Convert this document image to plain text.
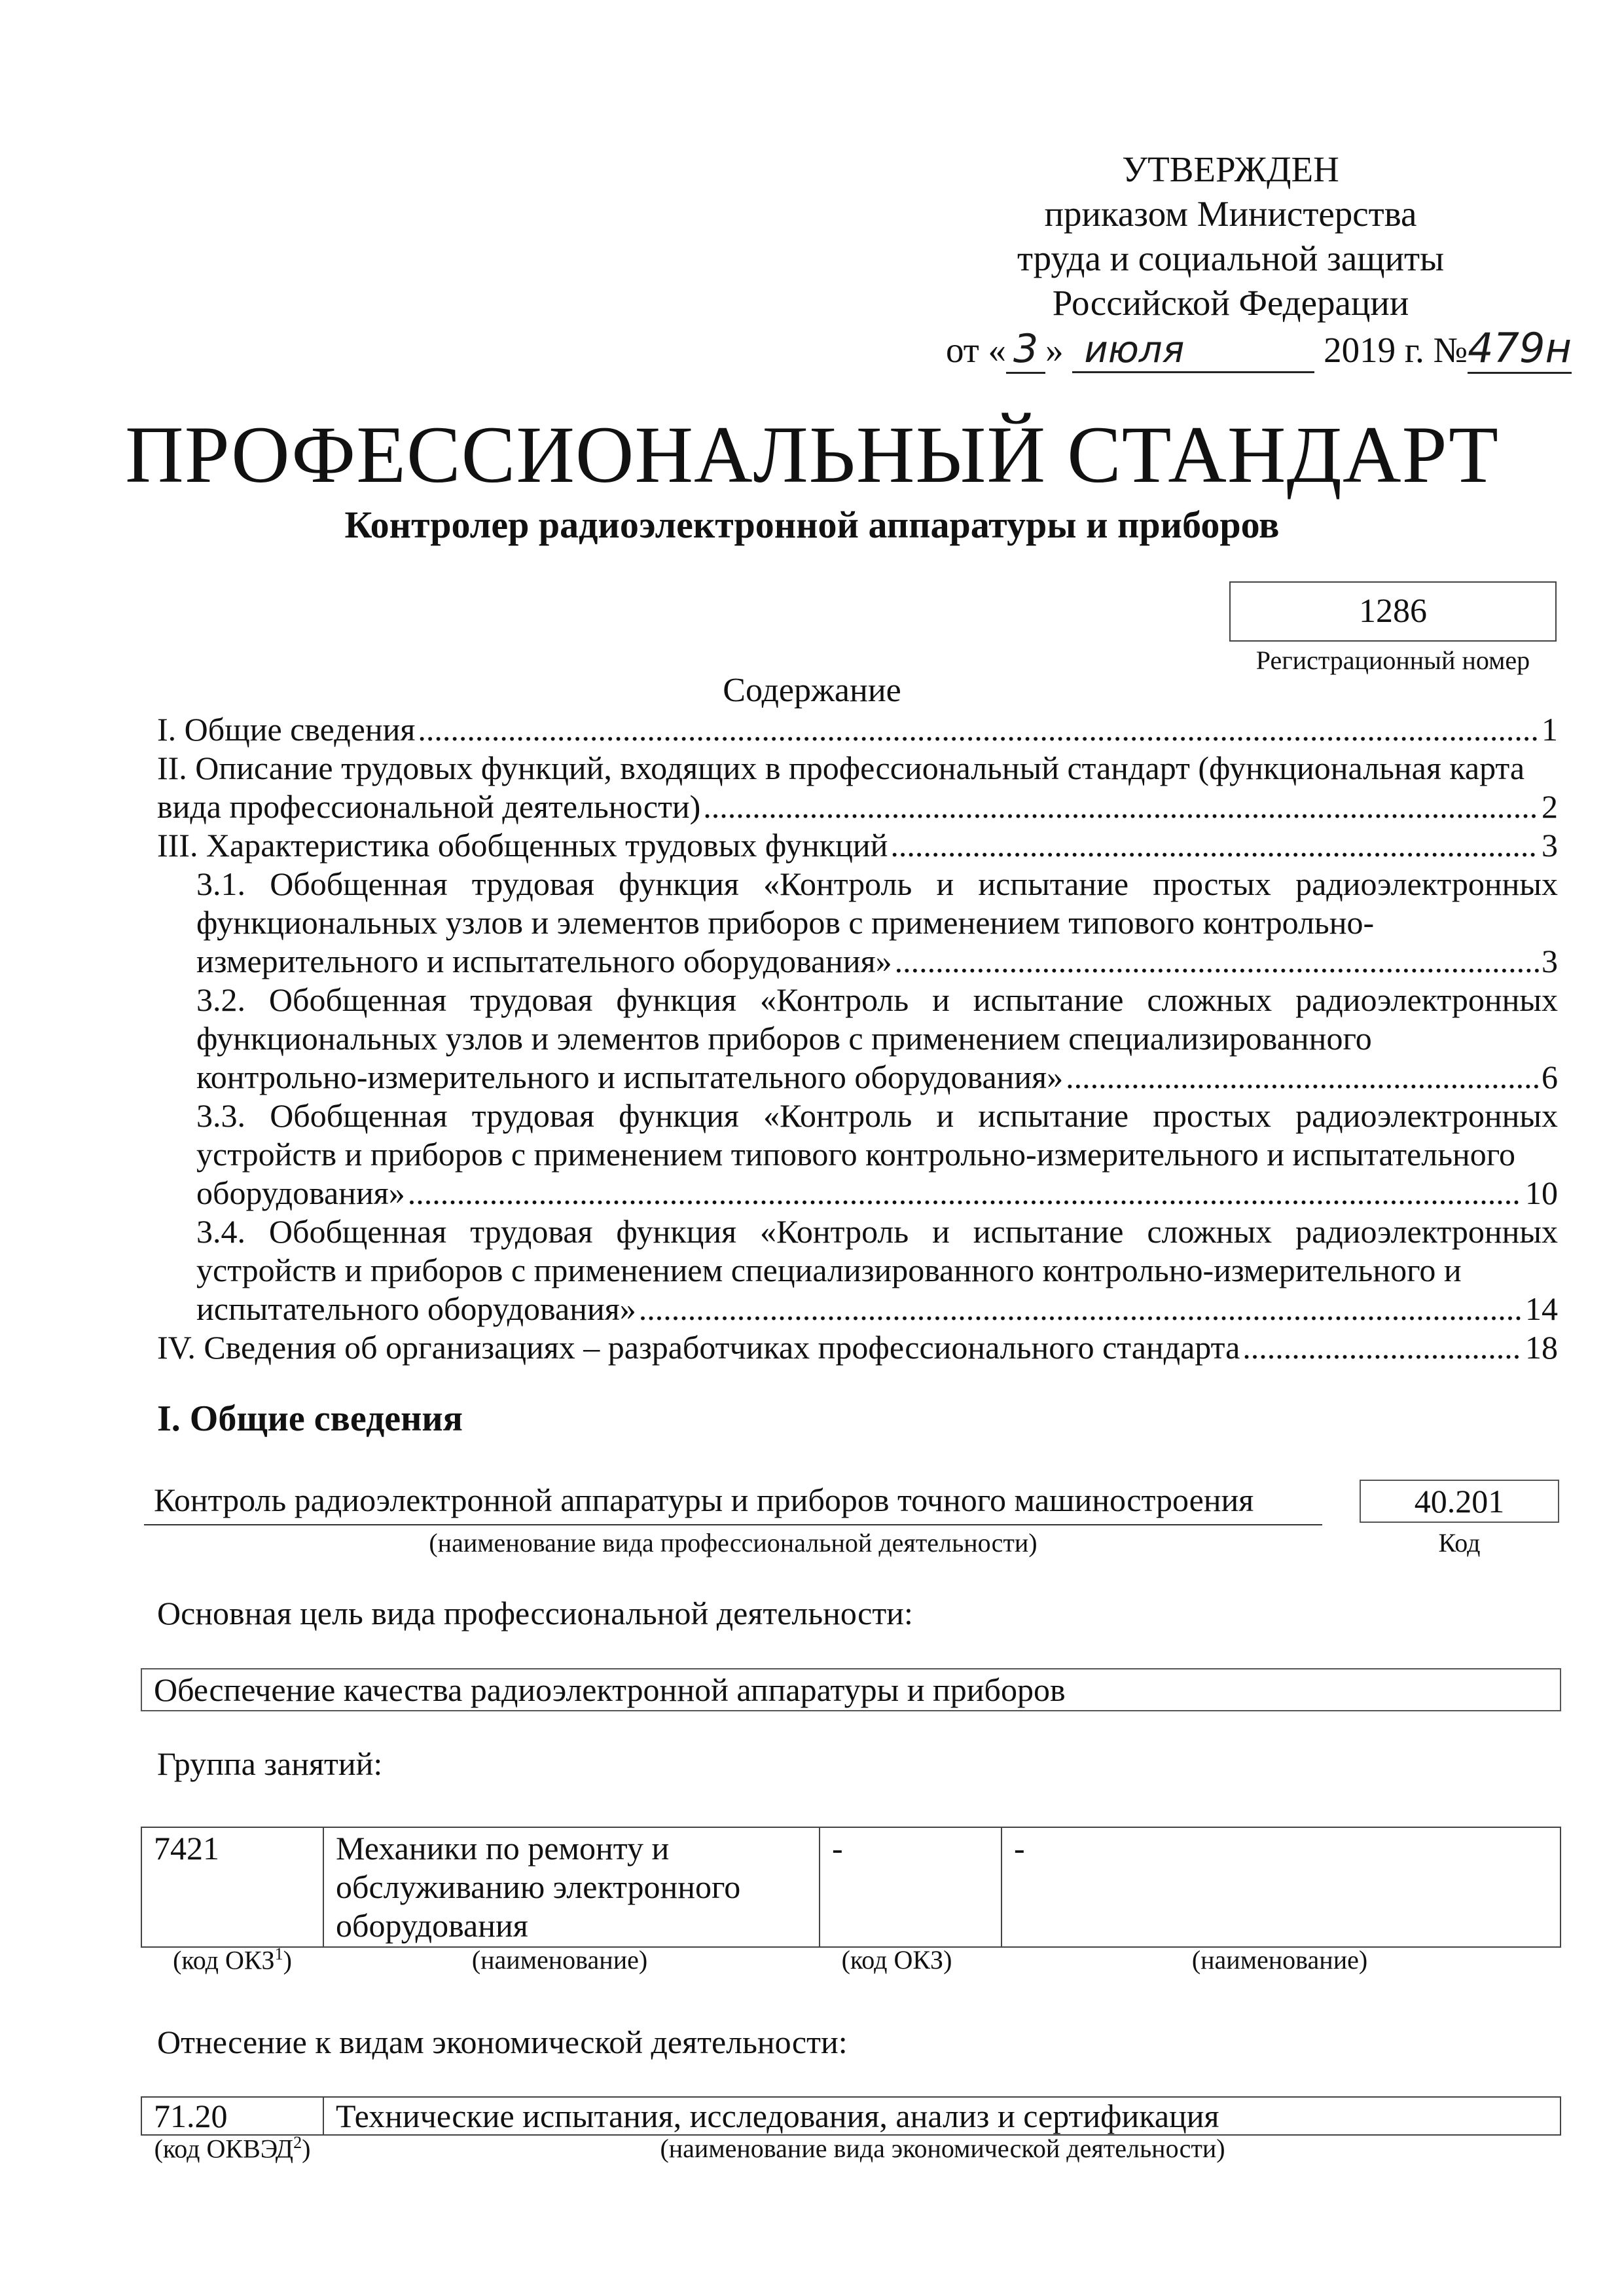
УТВЕРЖДЕН
приказом Министерства
труда и социальной защиты
Российской Федерации
от « 3 » июля	2019 г. №479н
ПРОФЕССИОНАЛЬНЫЙ СТАНДАРТ
Контролер радиоэлектронной аппаратуры и приборов
1286
Регистрационный номер
Содержание
I. Общие сведения .....	1
II. Описание трудовых функций, входящих в профессиональный стандарт (функциональная карта
вида профессиональной деятельности) .....	2
III. Характеристика обобщенных трудовых функций .....	3
3.1. Обобщенная трудовая функция «Контроль и испытание простых радиоэлектронных функциональных узлов и элементов приборов с применением типового контрольно-
измерительного и испытательного оборудования» .....	3
3.2. Обобщенная трудовая функция «Контроль и испытание сложных радиоэлектронных функциональных узлов и элементов приборов с применением специализированного
контрольно-измерительного и испытательного оборудования» .....	6
3.3. Обобщенная трудовая функция «Контроль и испытание простых радиоэлектронных устройств и приборов с применением типового контрольно-измерительного и испытательного
оборудования» .....	10
3.4. Обобщенная трудовая функция «Контроль и испытание сложных радиоэлектронных устройств и приборов с применением специализированного контрольно-измерительного и
испытательного оборудования» .....	14
IV. Сведения об организациях – разработчиках профессионального стандарта .....	18
I. Общие сведения
Контроль радиоэлектронной аппаратуры и приборов точного машиностроения	40.201
(наименование вида профессиональной деятельности)	Код
Основная цель вида профессиональной деятельности:
Обеспечение качества радиоэлектронной аппаратуры и приборов
Группа занятий:
7421	Механики по ремонту и обслуживанию электронного оборудования	-	-
(код ОКЗ$^1$)	(наименование)	(код ОКЗ)	(наименование)
Отнесение к видам экономической деятельности:
71.20	Технические испытания, исследования, анализ и сертификация
(код ОКВЭД$^2$)	(наименование вида экономической деятельности)
